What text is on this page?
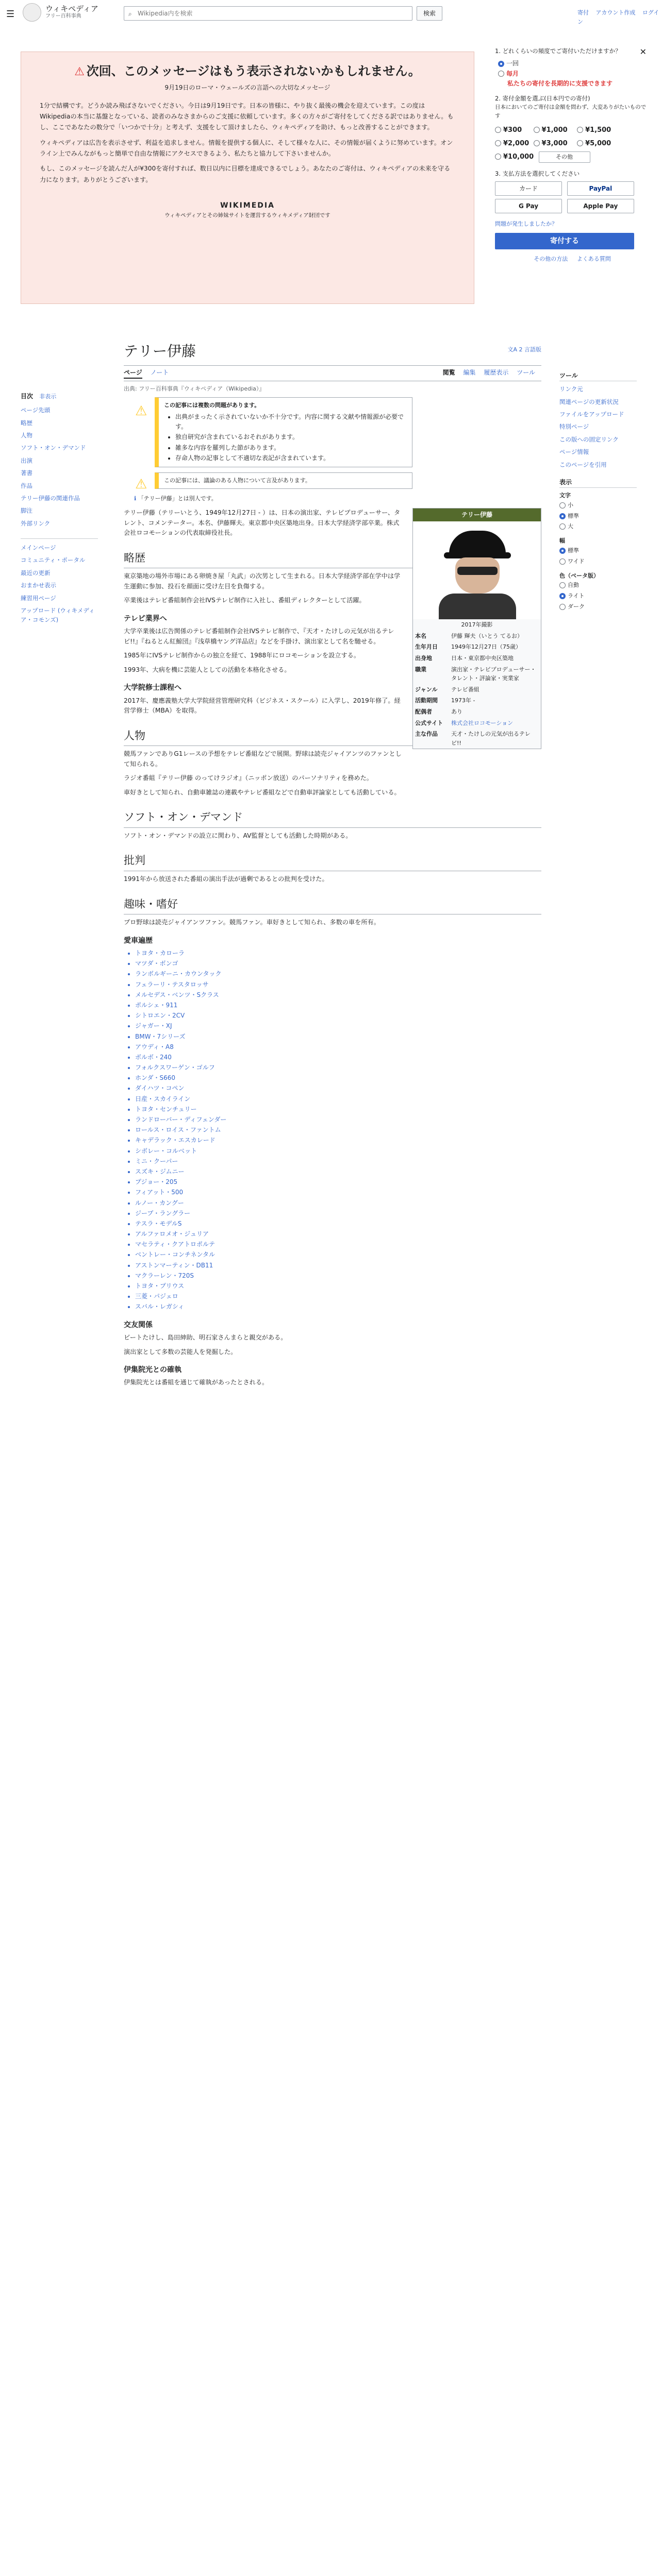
☰	ウィキペディア
フリー百科事典	⌕
Wikipedia内を検索	検索	寄付 アカウント作成 ログイン
⚠ 次回、このメッセージはもう表示されないかもしれません。
9月19日のローマ・ウェールズの言語への大切なメッセージ

1分で結構です。どうか読み飛ばさないでください。今日は9月19日です。日本の皆様に、やり抜く最後の機会を迎えています。この度はWikipediaの本当に基盤となっている、読者のみなさまからのご支援に依頼しています。多くの方々がご寄付をしてくださる訳ではありません。もし、ここであなたの数分で「いつかで十分」と考えず、支援をして頂けましたら、ウィキペディアを助け、もっと改善することができます。

ウィキペディアは広告を表示させず、利益を追求しません。情報を提供する個人に、そして様々な人に、その情報が届くように努めています。オンライン上でみんながもっと簡単で自由な情報にアクセスできるよう、私たちと協力して下さいませんか。

もし、このメッセージを読んだ人が¥300を寄付すれば、数日以内に目標を達成できるでしょう。あなたのご寄付は、ウィキペディアの未来を守る力になります。ありがとうございます。

WIKIMEDIA
ウィキペディアとその姉妹サイトを運営するウィキメディア財団です
✕
1. どれくらいの頻度でご寄付いただけますか？
一回
毎月
私たちの寄付を長期的に支援できます
2. 寄付金額を選ぶ(日本円での寄付)
日本においてのご寄付は金額を問わず、大変ありがたいものです
¥300	¥1,000	¥1,500
¥2,000 ¥3,000	¥5,000
¥10,000	その他
3. 支払方法を選択してください
カード	PayPal
G Pay	Apple Pay
問題が発生しましたか？
寄付する
その他の方法 よくある質問
目次 非表示
ページ先頭
略歴
人物
ソフト・オン・デマンド
出演
著書
作品
テリー伊藤の関連作品
脚注
外部リンク
メインページ
コミュニティ・ポータル
最近の更新
おまかせ表示
練習用ページ
アップロード (ウィキメディア・コモンズ)
ツール
リンク元
関連ページの更新状況
ファイルをアップロード
特別ページ
この版への固定リンク
ページ情報
このページを引用
表示
文字
小
標準
大
幅
標準
ワイド
色（ベータ版）
自動
ライト
ダーク
テリー伊藤	文A 2 言語版
ページ ノート	閲覧 編集 履歴表示 ツール
出典: フリー百科事典『ウィキペディア（Wikipedia）』
⚠	この記事には複数の問題があります。
• 出典がまったく示されていないか不十分です。内容に関する文献や情報源が必要です。
• 独自研究が含まれているおそれがあります。
• 雑多な内容を羅列した節があります。
• 存命人物の記事として不適切な表記が含まれています。
⚠	この記事には、議論のある人物について言及があります。
ℹ 「テリー伊藤」とは別人です。
テリー伊藤
2017年撮影
本名	伊藤 輝夫（いとう てるお）
生年月日	1949年12月27日（75歳）
出身地	日本・東京都中央区築地
職業	演出家・テレビプロデューサー・タレント・評論家・実業家
ジャンル	テレビ番組
活動期間	1973年 -
配偶者	あり
公式サイト	株式会社ロコモーション
主な作品	天才・たけしの元気が出るテレビ!!

テリー伊藤（テリーいとう、1949年12月27日 - ）は、日本の演出家、テレビプロデューサー、タレント、コメンテーター。本名、伊藤輝夫。東京都中央区築地出身。日本大学経済学部卒業。株式会社ロコモーションの代表取締役社長。

略歴

東京築地の場外市場にある卵焼き屋「丸武」の次男として生まれる。日本大学経済学部在学中は学生運動に参加、投石を顔面に受け左目を負傷する。

卒業後はテレビ番組制作会社IVSテレビ制作に入社し、番組ディレクターとして活躍。

テレビ業界へ

大学卒業後は広告関係のテレビ番組制作会社IVSテレビ制作で、『天才・たけしの元気が出るテレビ!!』『ねるとん紅鯨団』『浅草橋ヤング洋品店』などを手掛け、演出家として名を馳せる。

1985年にIVSテレビ制作からの独立を経て、1988年にロコモーションを設立する。

1993年、大病を機に芸能人としての活動を本格化させる。

大学院修士課程へ

2017年、慶應義塾大学大学院経営管理研究科（ビジネス・スクール）に入学し、2019年修了。経営学修士（MBA）を取得。

人物

競馬ファンでありG1レースの予想をテレビ番組などで展開。野球は読売ジャイアンツのファンとして知られる。

ラジオ番組『テリー伊藤 のってけラジオ』（ニッポン放送）のパーソナリティを務めた。

車好きとして知られ、自動車雑誌の連載やテレビ番組などで自動車評論家としても活動している。

ソフト・オン・デマンド

ソフト・オン・デマンドの設立に関わり、AV監督としても活動した時期がある。

批判

1991年から放送された番組の演出手法が過剰であるとの批判を受けた。

趣味・嗜好

プロ野球は読売ジャイアンツファン。競馬ファン。車好きとして知られ、多数の車を所有。

愛車遍歴
• トヨタ・カローラ
• マツダ・ボンゴ
• ランボルギーニ・カウンタック
• フェラーリ・テスタロッサ
• メルセデス・ベンツ・Sクラス
• ポルシェ・911
• シトロエン・2CV
• ジャガー・XJ
• BMW・7シリーズ
• アウディ・A8
• ボルボ・240
• フォルクスワーゲン・ゴルフ
• ホンダ・S660
• ダイハツ・コペン
• 日産・スカイライン
• トヨタ・センチュリー
• ランドローバー・ディフェンダー
• ロールス・ロイス・ファントム
• キャデラック・エスカレード
• シボレー・コルベット
• ミニ・クーパー
• スズキ・ジムニー
• プジョー・205
• フィアット・500
• ルノー・カングー
• ジープ・ラングラー
• テスラ・モデルS
• アルファロメオ・ジュリア
• マセラティ・クアトロポルテ
• ベントレー・コンチネンタル
• アストンマーティン・DB11
• マクラーレン・720S
• トヨタ・プリウス
• 三菱・パジェロ
• スバル・レガシィ
交友関係

ビートたけし、島田紳助、明石家さんまらと親交がある。

演出家として多数の芸能人を発掘した。

伊集院光との確執

伊集院光とは番組を通じて確執があったとされる。
